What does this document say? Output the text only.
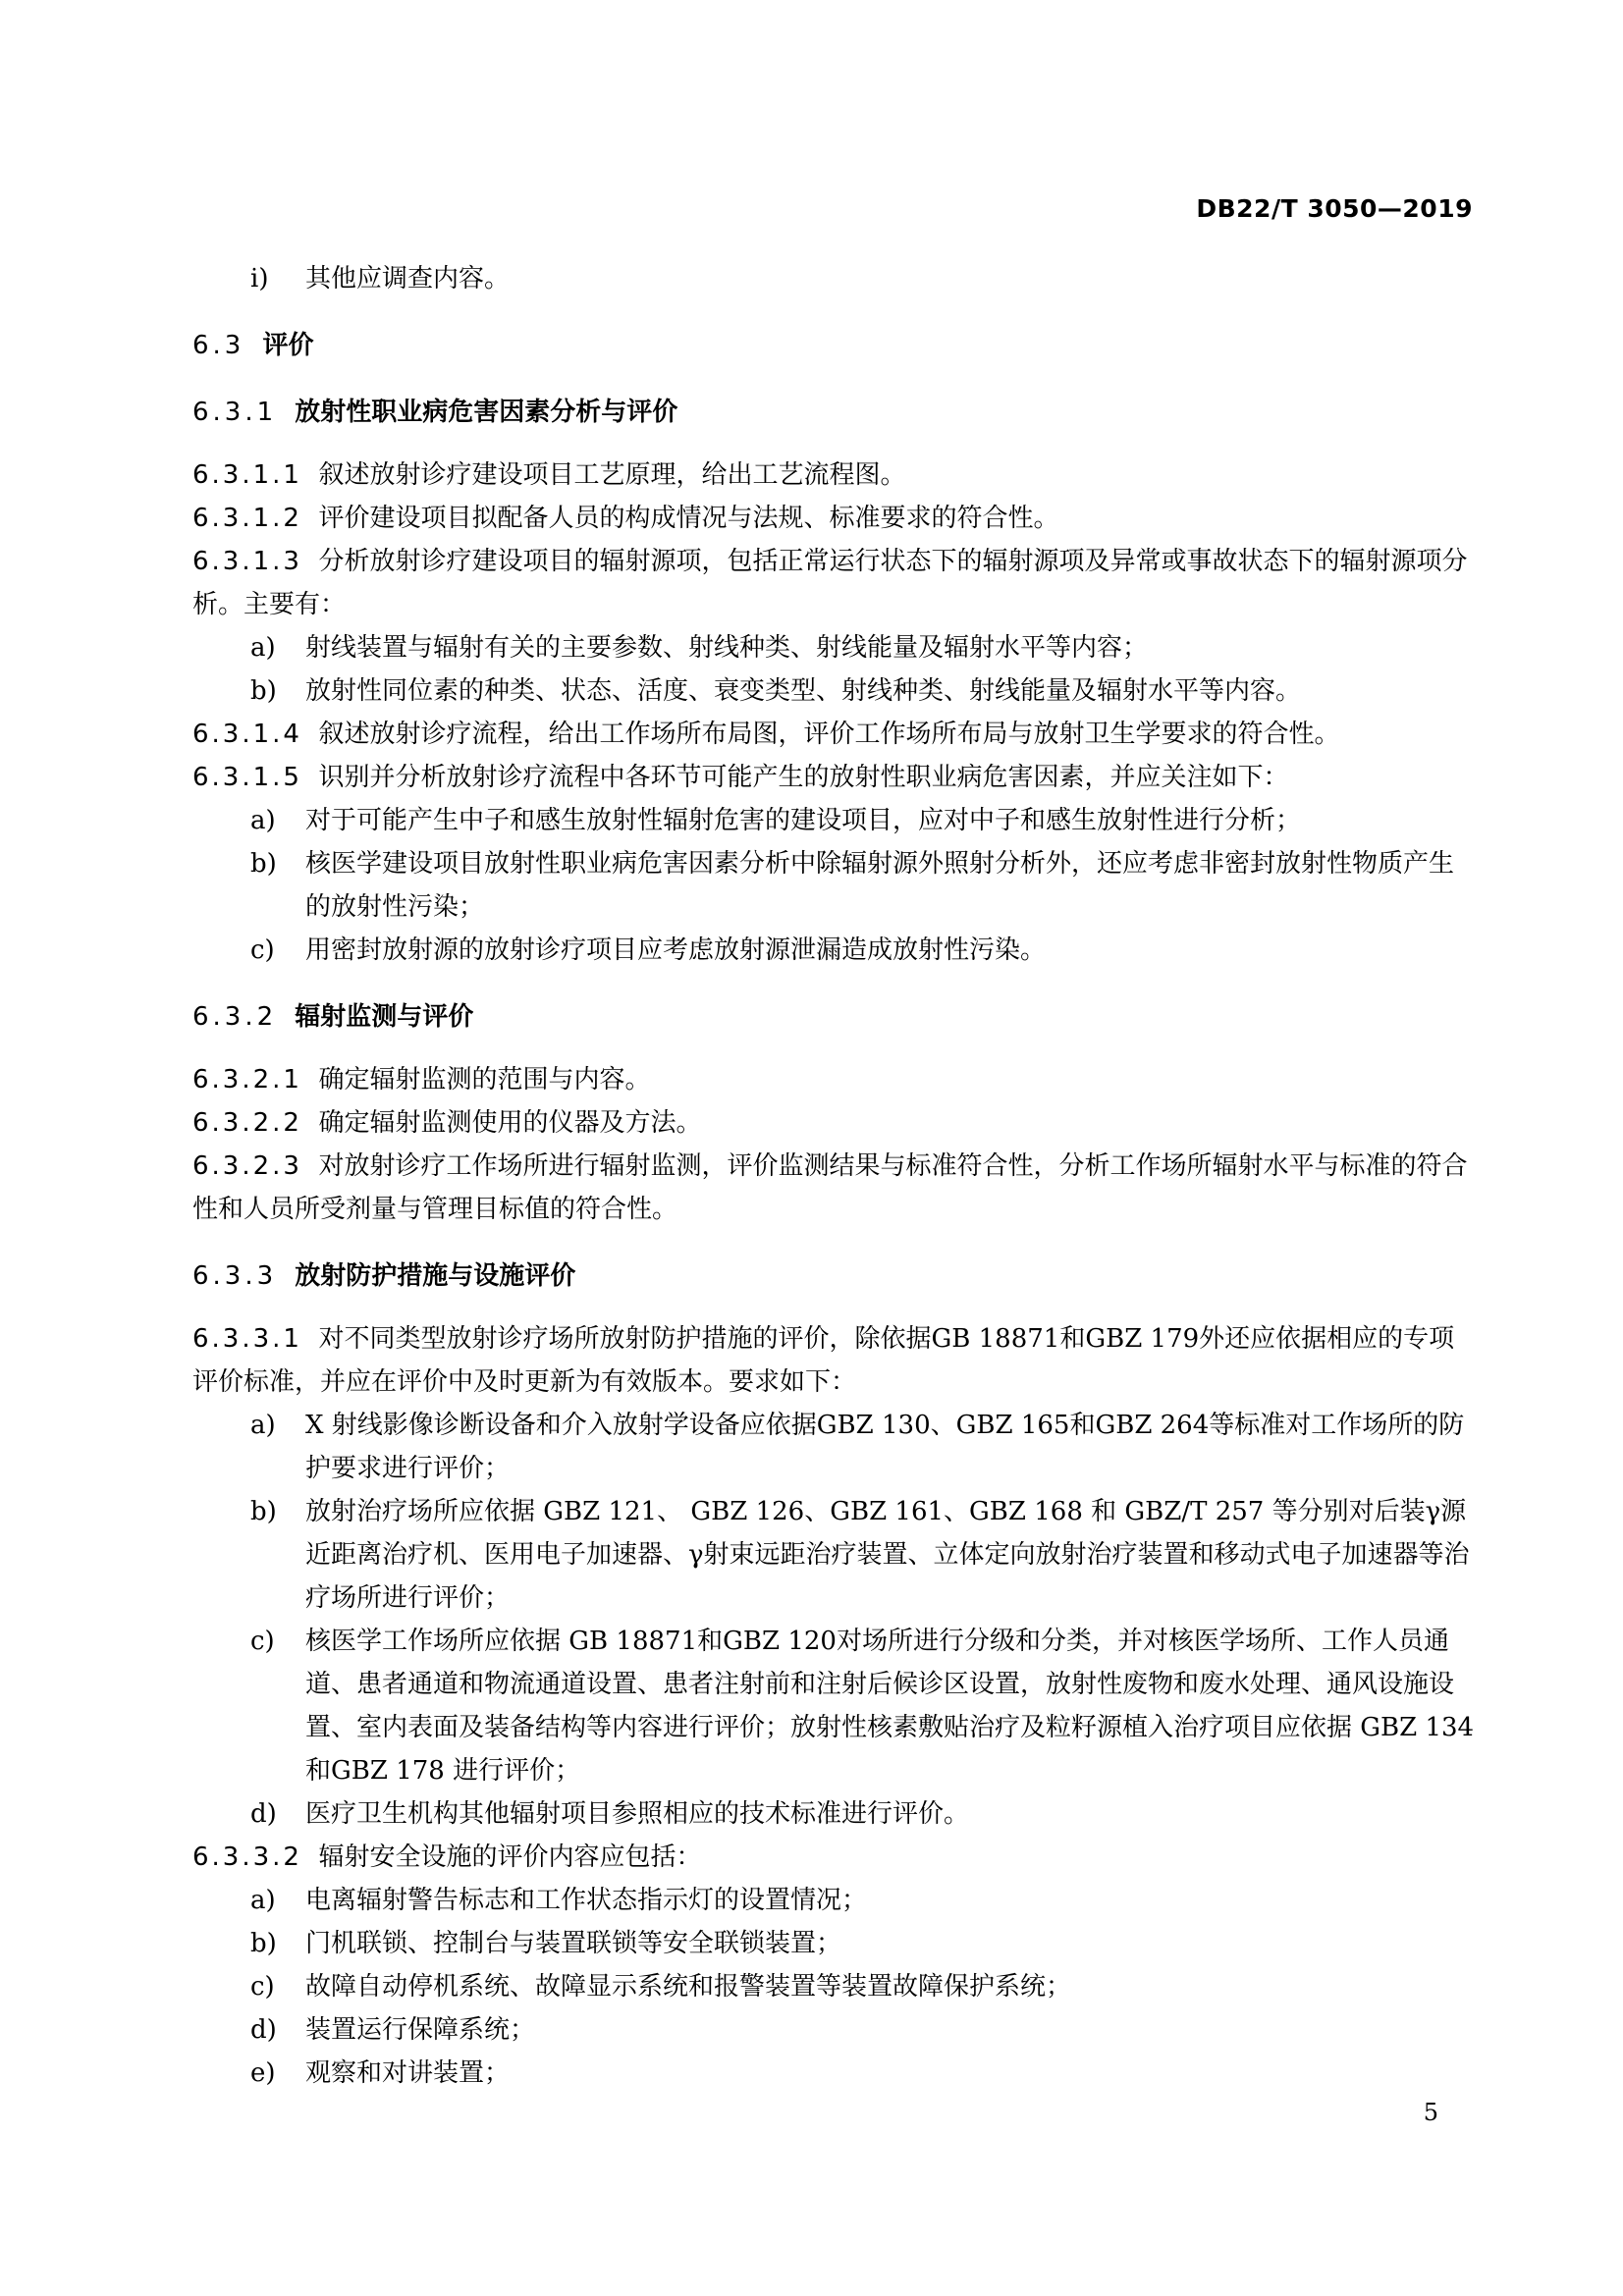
DB22/T 3050—2019

i) 其他应调查内容。

6.3 评价

6.3.1 放射性职业病危害因素分析与评价

6.3.1.1 叙述放射诊疗建设项目工艺原理，给出工艺流程图。

6.3.1.2 评价建设项目拟配备人员的构成情况与法规、标准要求的符合性。

6.3.1.3 分析放射诊疗建设项目的辐射源项，包括正常运行状态下的辐射源项及异常或事故状态下的辐射源项分析。主要有：

a) 射线装置与辐射有关的主要参数、射线种类、射线能量及辐射水平等内容；

b) 放射性同位素的种类、状态、活度、衰变类型、射线种类、射线能量及辐射水平等内容。

6.3.1.4 叙述放射诊疗流程，给出工作场所布局图，评价工作场所布局与放射卫生学要求的符合性。

6.3.1.5 识别并分析放射诊疗流程中各环节可能产生的放射性职业病危害因素，并应关注如下：

a) 对于可能产生中子和感生放射性辐射危害的建设项目，应对中子和感生放射性进行分析；

b) 核医学建设项目放射性职业病危害因素分析中除辐射源外照射分析外，还应考虑非密封放射性物质产生的放射性污染；

c) 用密封放射源的放射诊疗项目应考虑放射源泄漏造成放射性污染。

6.3.2 辐射监测与评价

6.3.2.1 确定辐射监测的范围与内容。

6.3.2.2 确定辐射监测使用的仪器及方法。

6.3.2.3 对放射诊疗工作场所进行辐射监测，评价监测结果与标准符合性，分析工作场所辐射水平与标准的符合性和人员所受剂量与管理目标值的符合性。

6.3.3 放射防护措施与设施评价

6.3.3.1 对不同类型放射诊疗场所放射防护措施的评价，除依据GB 18871和GBZ 179外还应依据相应的专项评价标准，并应在评价中及时更新为有效版本。要求如下：

a) X 射线影像诊断设备和介入放射学设备应依据GBZ 130、GBZ 165和GBZ 264等标准对工作场所的防护要求进行评价；

b) 放射治疗场所应依据 GBZ 121、 GBZ 126、GBZ 161、GBZ 168 和 GBZ/T 257 等分别对后装γ源近距离治疗机、医用电子加速器、γ射束远距治疗装置、立体定向放射治疗装置和移动式电子加速器等治疗场所进行评价；

c) 核医学工作场所应依据 GB 18871和GBZ 120对场所进行分级和分类，并对核医学场所、工作人员通道、患者通道和物流通道设置、患者注射前和注射后候诊区设置，放射性废物和废水处理、通风设施设置、室内表面及装备结构等内容进行评价；放射性核素敷贴治疗及粒籽源植入治疗项目应依据 GBZ 134和GBZ 178 进行评价；

d) 医疗卫生机构其他辐射项目参照相应的技术标准进行评价。

6.3.3.2 辐射安全设施的评价内容应包括：

a) 电离辐射警告标志和工作状态指示灯的设置情况；

b) 门机联锁、控制台与装置联锁等安全联锁装置；

c) 故障自动停机系统、故障显示系统和报警装置等装置故障保护系统；

d) 装置运行保障系统；

e) 观察和对讲装置；

5
